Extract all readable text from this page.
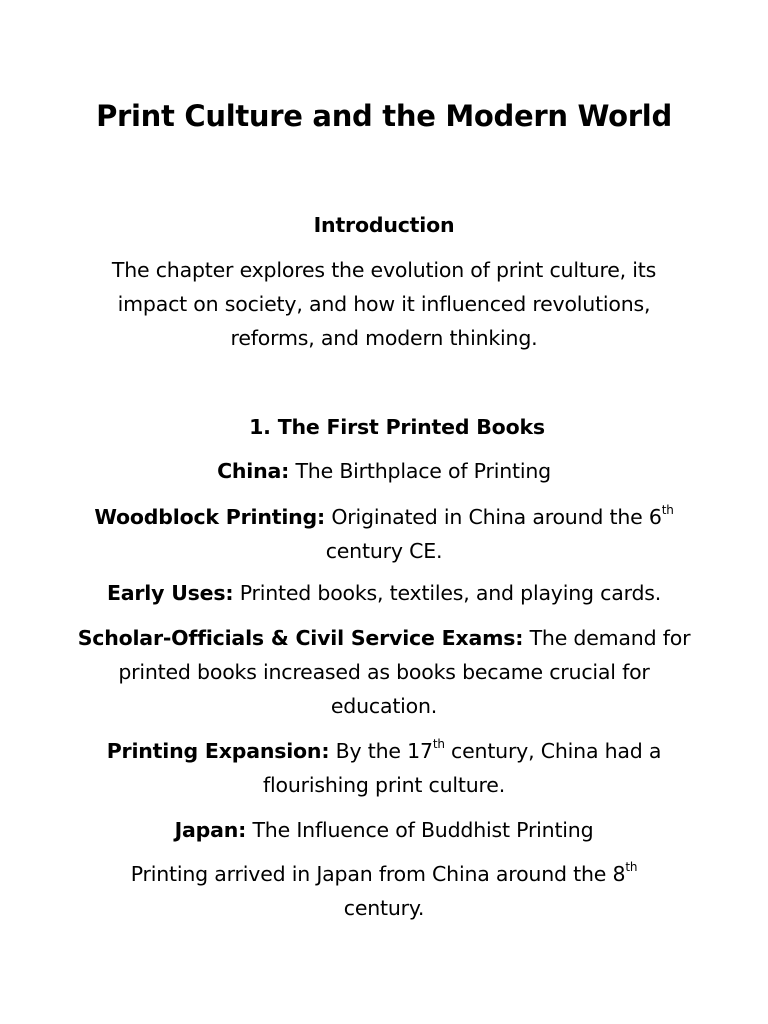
Print Culture and the Modern World
Introduction
The chapter explores the evolution of print culture, its
impact on society, and how it influenced revolutions,
reforms, and modern thinking.
1. The First Printed Books
China: The Birthplace of Printing
Woodblock Printing: Originated in China around the 6th
century CE.
Early Uses: Printed books, textiles, and playing cards.
Scholar-Officials & Civil Service Exams: The demand for
printed books increased as books became crucial for
education.
Printing Expansion: By the 17th century, China had a
flourishing print culture.
Japan: The Influence of Buddhist Printing
Printing arrived in Japan from China around the 8th
century.
